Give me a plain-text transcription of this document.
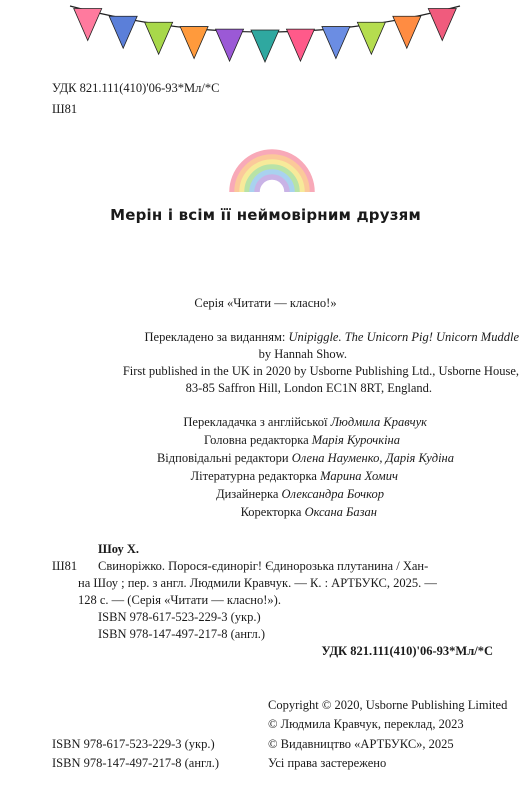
УДК 821.111(410)'06-93*Мл/*С
Ш81
Мерін і всім її неймовірним друзям
Серія «Читати — класно!»
Перекладено за виданням: Unipiggle. The Unicorn Pig! Unicorn Muddle
by Hannah Show.
First published in the UK in 2020 by Usborne Publishing Ltd., Usborne House,
83-85 Saffron Hill, London EC1N 8RT, England.
Перекладачка з англійської Людмила Кравчук
Головна редакторка Марія Курочкіна
Відповідальні редактори Олена Науменко, Дарія Кудіна
Літературна редакторка Марина Хомич
Дизайнерка Олександра Бочкор
Коректорка Оксана Базан
Шоу Х.
Ш81 Свиноріжко. Порося-єдиноріг! Єдинорозька плутанина / Хан-
на Шоу ; пер. з англ. Людмили Кравчук. — К. : АРТБУКС, 2025. —
128 с. — (Серія «Читати — класно!»).
ISBN 978-617-523-229-3 (укр.)
ISBN 978-147-497-217-8 (англ.)
УДК 821.111(410)'06-93*Мл/*С
Copyright © 2020, Usborne Publishing Limited
© Людмила Кравчук, переклад, 2023
© Видавництво «АРТБУКС», 2025
Усі права застережено
ISBN 978-617-523-229-3 (укр.)
ISBN 978-147-497-217-8 (англ.)
